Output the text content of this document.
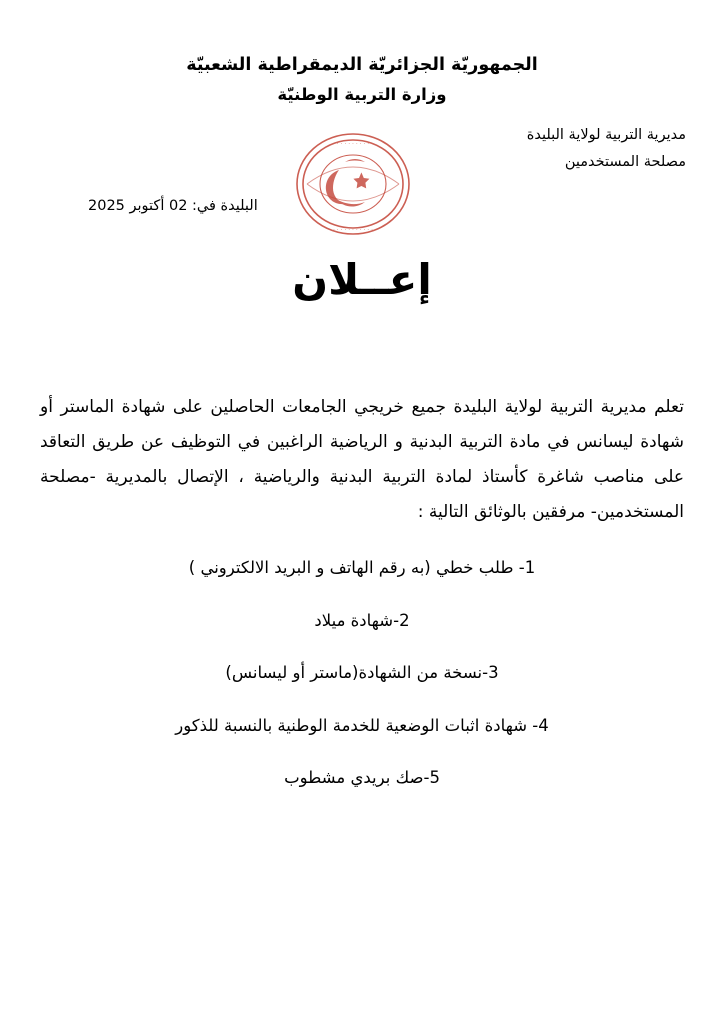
الجمهوريّة الجزائريّة الديمقراطية الشعبيّة
وزارة التربية الوطنيّة
مديرية التربية لولاية البليدة
مصلحة المستخدمين
البليدة في: 02 أكتوبر 2025
. . . . . . . . .
. . . . . . . . . . .
إعــلان

تعلم مديرية التربية لولاية البليدة جميع خريجي الجامعات الحاصلين على شهادة الماستر أو شهادة ليسانس في مادة التربية البدنية و الرياضية الراغبين في التوظيف عن طريق التعاقد على مناصب شاغرة كأستاذ لمادة التربية البدنية والرياضية ، الإتصال بالمديرية -مصلحة المستخدمين- مرفقين بالوثائق التالية :

1- طلب خطي (به رقم الهاتف و البريد الالكتروني )
2-شهادة ميلاد
3-نسخة من الشهادة(ماستر أو ليسانس)
4- شهادة اثبات الوضعية للخدمة الوطنية بالنسبة للذكور
5-صك بريدي مشطوب
